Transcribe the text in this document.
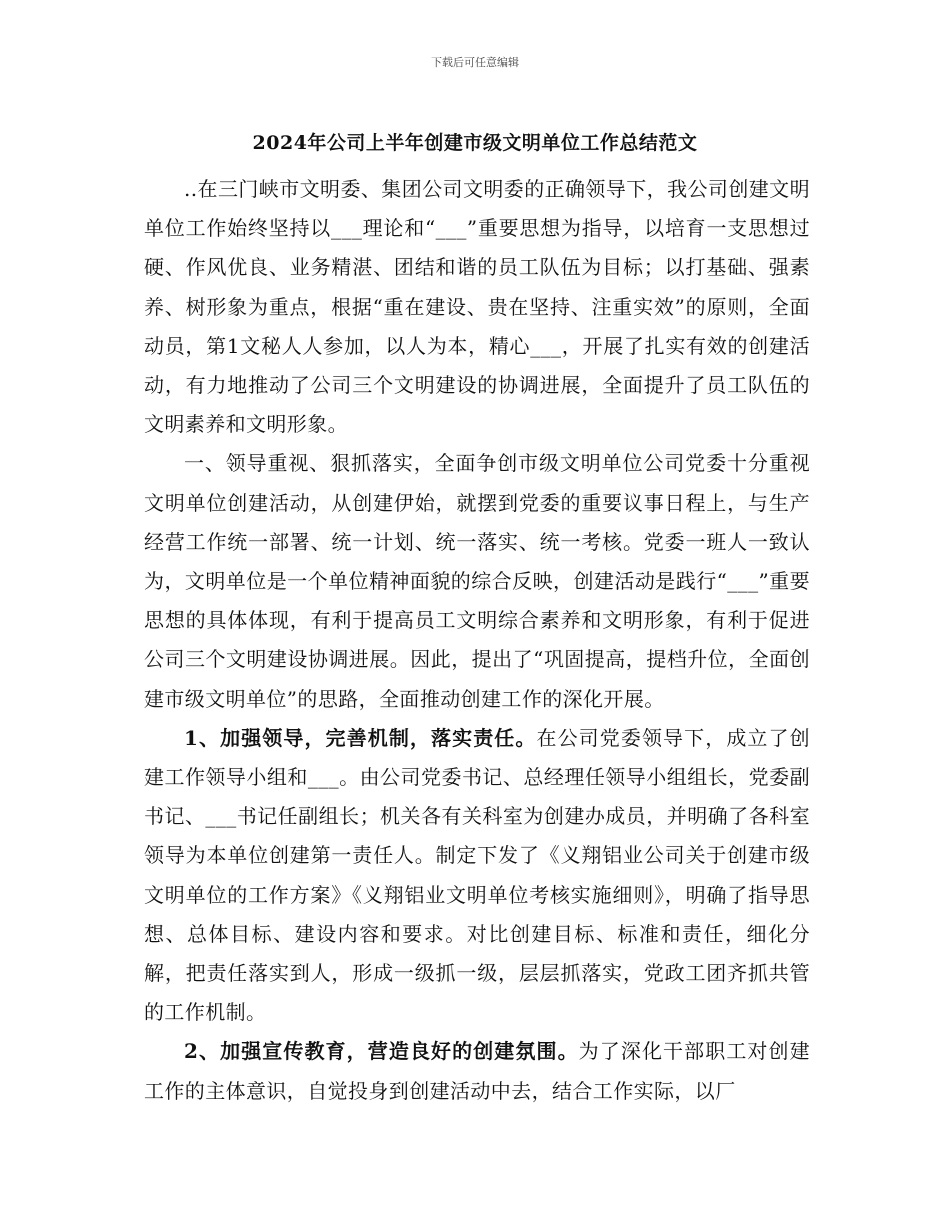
下载后可任意编辑
2024年公司上半年创建市级文明单位工作总结范文

..在三门峡市文明委、集团公司文明委的正确领导下，我公司创建文明单位工作始终坚持以___理论和“___”重要思想为指导，以培育一支思想过硬、作风优良、业务精湛、团结和谐的员工队伍为目标；以打基础、强素养、树形象为重点，根据“重在建设、贵在坚持、注重实效”的原则，全面动员，第1文秘人人参加，以人为本，精心___，开展了扎实有效的创建活动，有力地推动了公司三个文明建设的协调进展，全面提升了员工队伍的文明素养和文明形象。

一、领导重视、狠抓落实，全面争创市级文明单位公司党委十分重视文明单位创建活动，从创建伊始，就摆到党委的重要议事日程上，与生产经营工作统一部署、统一计划、统一落实、统一考核。党委一班人一致认为，文明单位是一个单位精神面貌的综合反映，创建活动是践行“___”重要思想的具体体现，有利于提高员工文明综合素养和文明形象，有利于促进公司三个文明建设协调进展。因此，提出了“巩固提高，提档升位，全面创建市级文明单位”的思路，全面推动创建工作的深化开展。

1、加强领导，完善机制，落实责任。在公司党委领导下，成立了创建工作领导小组和___。由公司党委书记、总经理任领导小组组长，党委副书记、___书记任副组长；机关各有关科室为创建办成员，并明确了各科室领导为本单位创建第一责任人。制定下发了《义翔铝业公司关于创建市级文明单位的工作方案》《义翔铝业文明单位考核实施细则》，明确了指导思想、总体目标、建设内容和要求。对比创建目标、标准和责任，细化分解，把责任落实到人，形成一级抓一级，层层抓落实，党政工团齐抓共管的工作机制。

2、加强宣传教育，营造良好的创建氛围。为了深化干部职工对创建工作的主体意识，自觉投身到创建活动中去，结合工作实际，以厂
